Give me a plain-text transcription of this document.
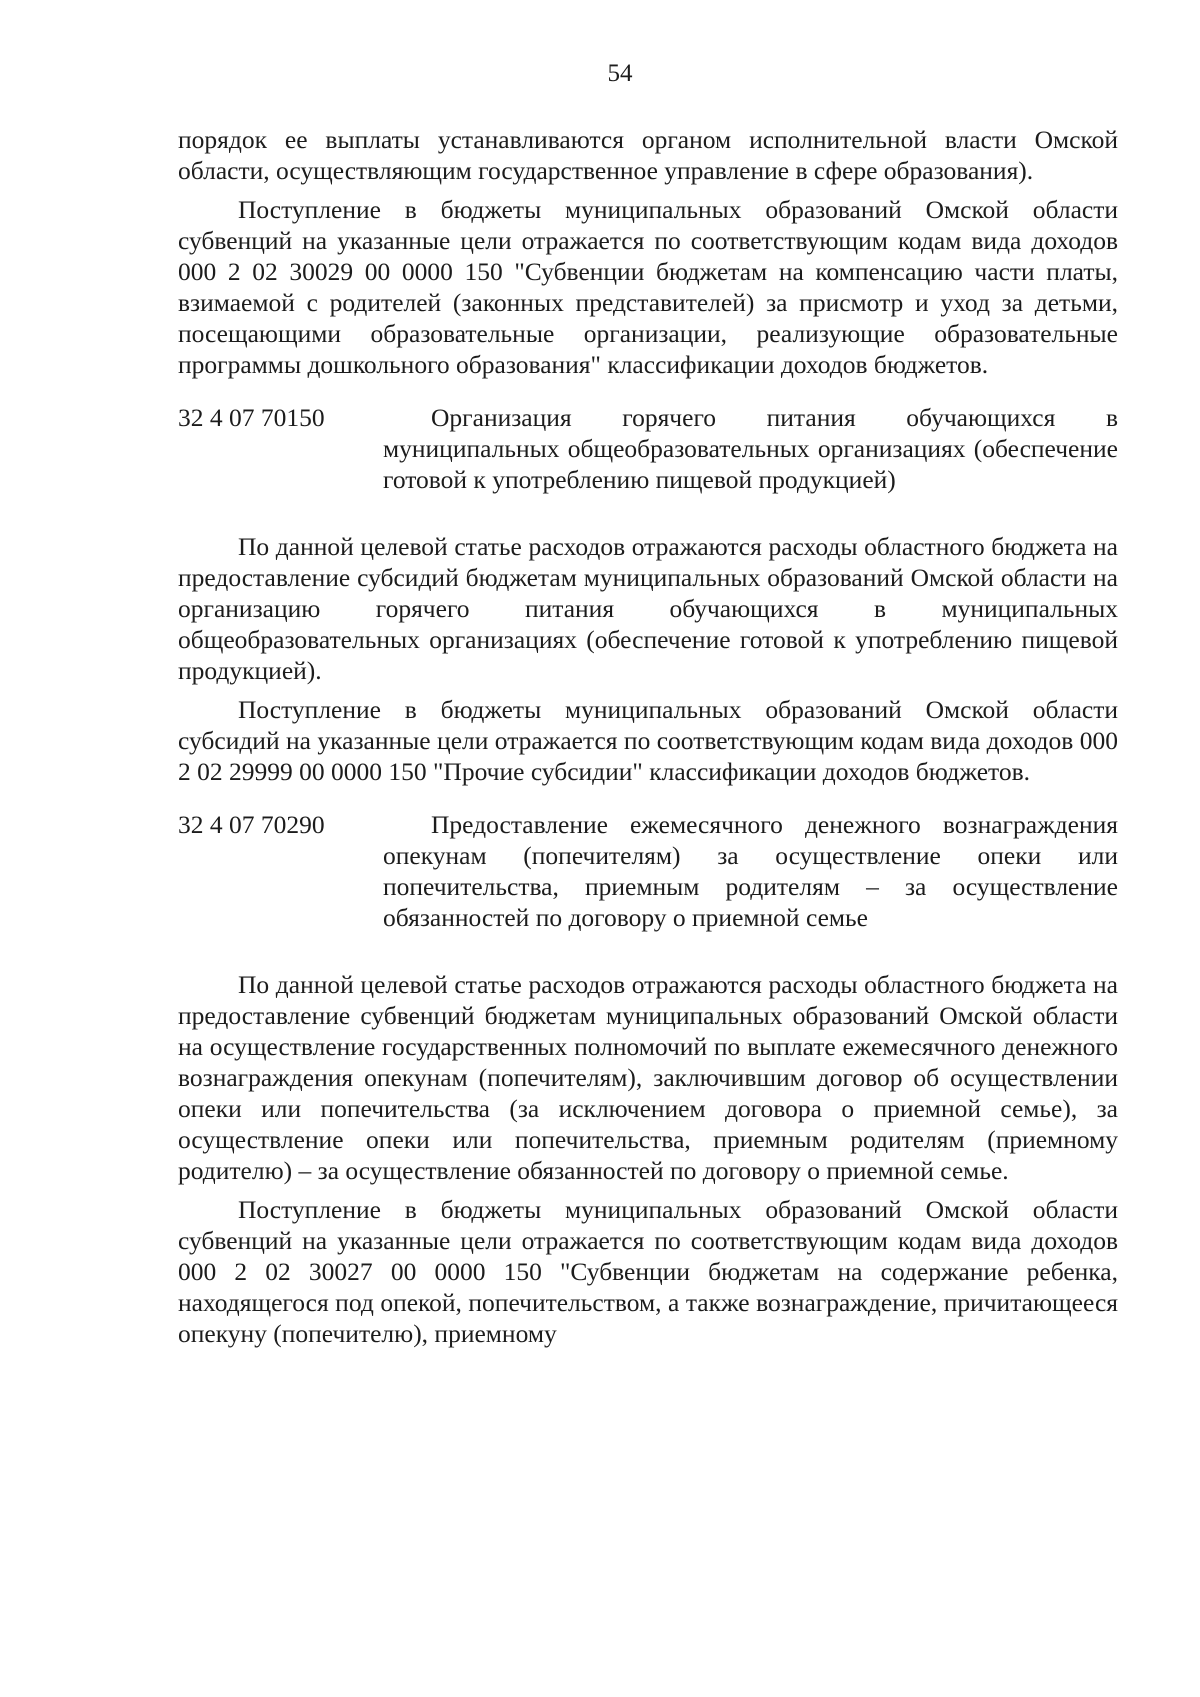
54

порядок ее выплаты устанавливаются органом исполнительной власти Омской области, осуществляющим государственное управление в сфере образования).

Поступление в бюджеты муниципальных образований Омской области субвенций на указанные цели отражается по соответствующим кодам вида доходов 000 2 02 30029 00 0000 150 "Субвенции бюджетам на компенсацию части платы, взимаемой с родителей (законных представителей) за присмотр и уход за детьми, посещающими образовательные организации, реализующие образовательные программы дошкольного образования" классификации доходов бюджетов.

32 4 07 70150	Организация горячего питания обучающихся в муниципальных общеобразовательных организациях (обеспечение готовой к употреблению пищевой продукцией)

По данной целевой статье расходов отражаются расходы областного бюджета на предоставление субсидий бюджетам муниципальных образований Омской области на организацию горячего питания обучающихся в муниципальных общеобразовательных организациях (обеспечение готовой к употреблению пищевой продукцией).

Поступление в бюджеты муниципальных образований Омской области субсидий на указанные цели отражается по соответствующим кодам вида доходов 000 2 02 29999 00 0000 150 "Прочие субсидии" классификации доходов бюджетов.

32 4 07 70290	Предоставление ежемесячного денежного вознаграждения опекунам (попечителям) за осуществление опеки или попечительства, приемным родителям – за осуществление обязанностей по договору о приемной семье

По данной целевой статье расходов отражаются расходы областного бюджета на предоставление субвенций бюджетам муниципальных образований Омской области на осуществление государственных полномочий по выплате ежемесячного денежного вознаграждения опекунам (попечителям), заключившим договор об осуществлении опеки или попечительства (за исключением договора о приемной семье), за осуществление опеки или попечительства, приемным родителям (приемному родителю) – за осуществление обязанностей по договору о приемной семье.

Поступление в бюджеты муниципальных образований Омской области субвенций на указанные цели отражается по соответствующим кодам вида доходов 000 2 02 30027 00 0000 150 "Субвенции бюджетам на содержание ребенка, находящегося под опекой, попечительством, а также вознаграждение, причитающееся опекуну (попечителю), приемному
